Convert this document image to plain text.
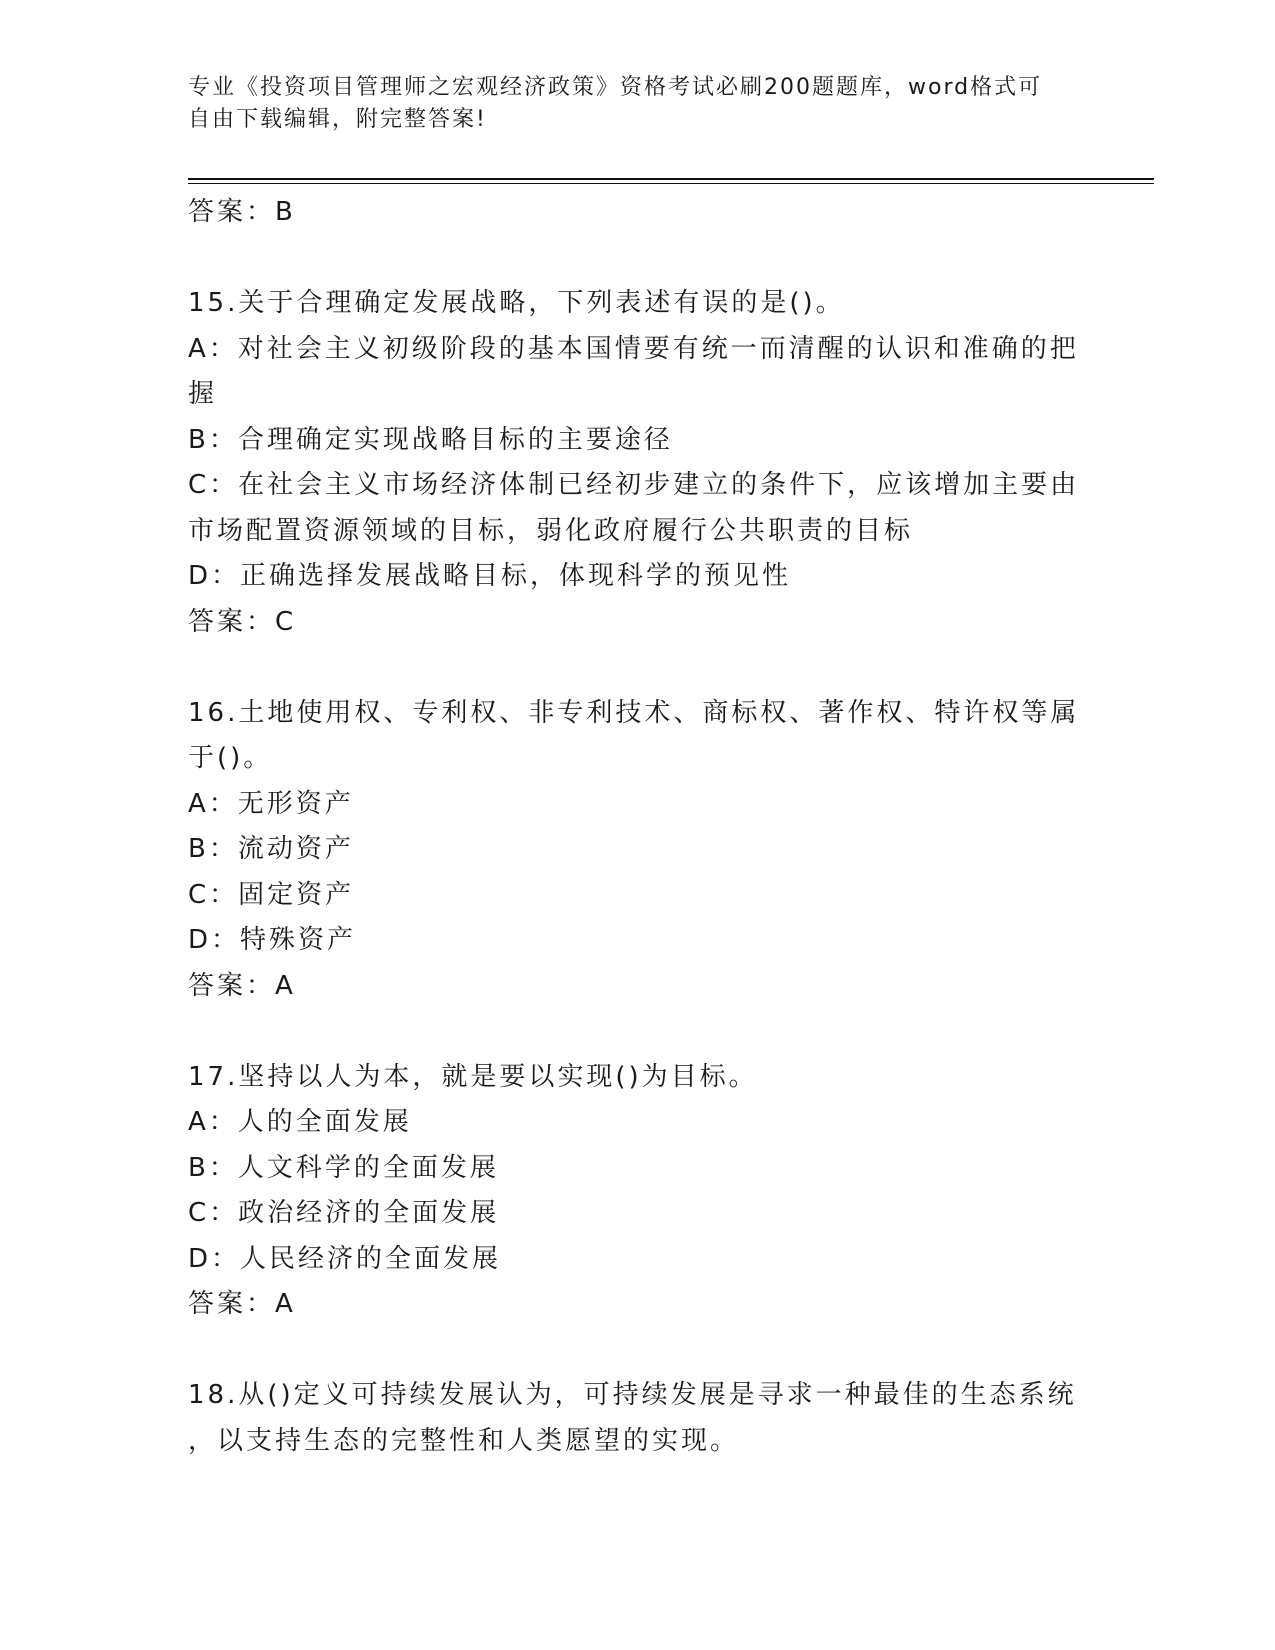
专业《投资项目管理师之宏观经济政策》资格考试必刷200题题库，word格式可
自由下载编辑，附完整答案!
答案：B
15.关于合理确定发展战略，下列表述有误的是()。
A：对社会主义初级阶段的基本国情要有统一而清醒的认识和准确的把
握
B：合理确定实现战略目标的主要途径
C：在社会主义市场经济体制已经初步建立的条件下，应该增加主要由
市场配置资源领域的目标，弱化政府履行公共职责的目标
D：正确选择发展战略目标，体现科学的预见性
答案：C
16.土地使用权、专利权、非专利技术、商标权、著作权、特许权等属
于()。
A：无形资产
B：流动资产
C：固定资产
D：特殊资产
答案：A
17.坚持以人为本，就是要以实现()为目标。
A：人的全面发展
B：人文科学的全面发展
C：政治经济的全面发展
D：人民经济的全面发展
答案：A
18.从()定义可持续发展认为，可持续发展是寻求一种最佳的生态系统
，以支持生态的完整性和人类愿望的实现。
